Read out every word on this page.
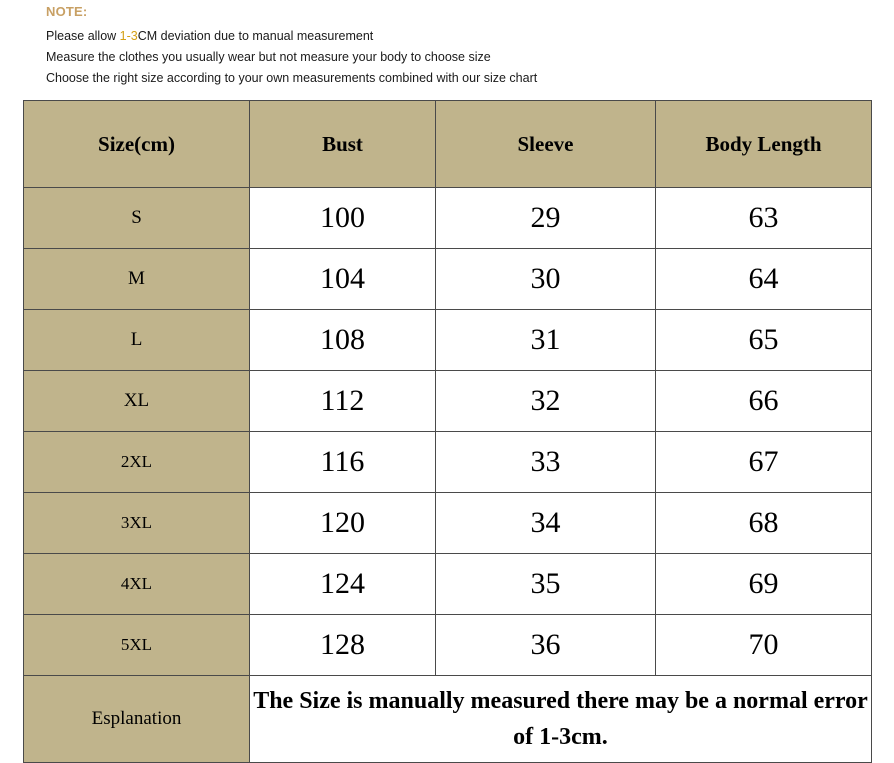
NOTE:
Please allow 1-3CM deviation due to manual measurement
Measure the clothes you usually wear but not measure your body to choose size
Choose the right size according to your own measurements combined with our size chart
Size(cm)	Bust	Sleeve	Body Length
S	100	29	63
M	104	30	64
L	108	31	65
XL	112	32	66
2XL	116	33	67
3XL	120	34	68
4XL	124	35	69
5XL	128	36	70
Esplanation	The Size is manually measured there may be a normal error of 1-3cm.		
